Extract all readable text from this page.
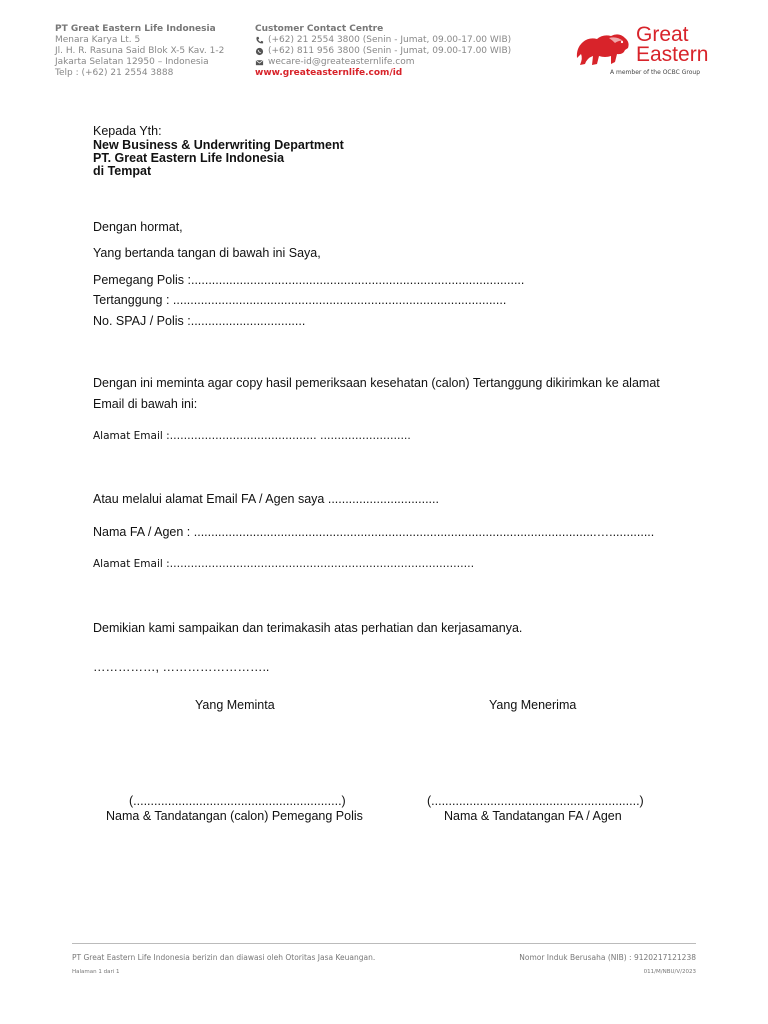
PT Great Eastern Life Indonesia
Menara Karya Lt. 5
Jl. H. R. Rasuna Said Blok X-5 Kav. 1-2
Jakarta Selatan 12950 – Indonesia
Telp : (+62) 21 2554 3888
Customer Contact Centre
(+62) 21 2554 3800 (Senin - Jumat, 09.00-17.00 WIB)
(+62) 811 956 3800 (Senin - Jumat, 09.00-17.00 WIB)
wecare-id@greateasternlife.com
www.greateasternlife.com/id
Great
Eastern
A member of the OCBC Group
Kepada Yth:
New Business & Underwriting Department
PT. Great Eastern Life Indonesia
di Tempat
Dengan hormat,
Yang bertanda tangan di bawah ini Saya,
Pemegang Polis :................................................................................................
Tertanggung : ................................................................................................
No. SPAJ / Polis :.................................
Dengan ini meminta agar copy hasil pemeriksaan kesehatan (calon) Tertanggung dikirimkan ke alamat
Email di bawah ini:
Alamat Email :…………………………………… ……………………..
Atau melalui alamat Email FA / Agen saya ................................
Nama FA / Agen : ....................................................................................................................….............
Alamat Email :……………………………………………………………………………
Demikian kami sampaikan dan terimakasih atas perhatian dan kerjasamanya.
……………, ……………………..
Yang Meminta	Yang Menerima
(............................................................)	(............................................................)
Nama & Tandatangan (calon) Pemegang Polis	Nama & Tandatangan FA / Agen
PT Great Eastern Life Indonesia berizin dan diawasi oleh Otoritas Jasa Keuangan.	Nomor Induk Berusaha (NIB) : 9120217121238
Halaman 1 dari 1	011/M/NBU/V/2023
